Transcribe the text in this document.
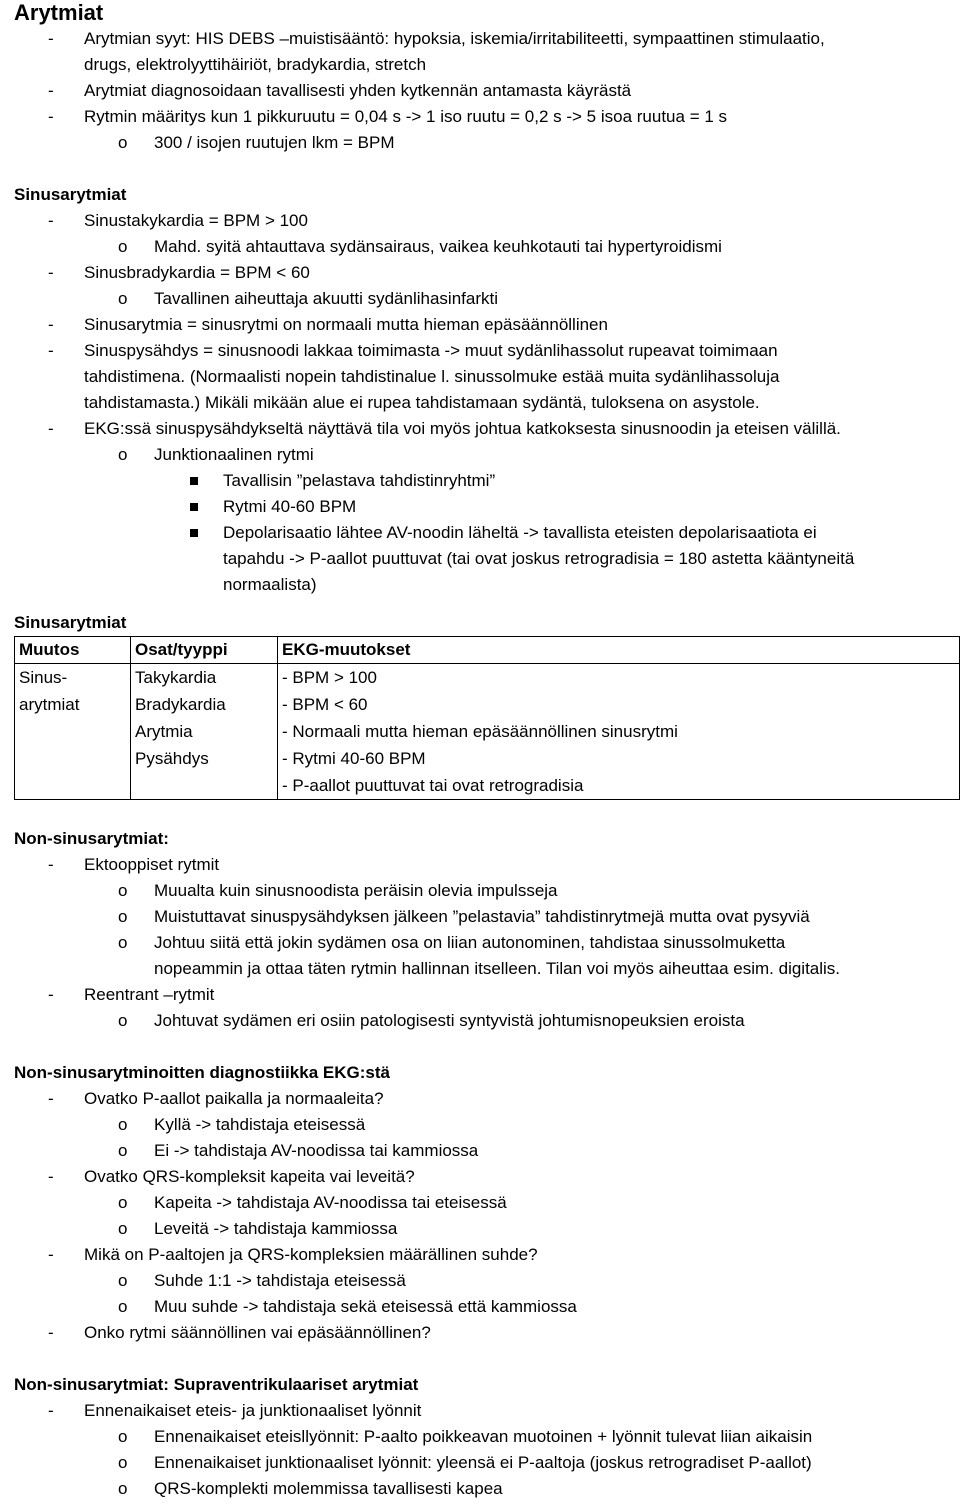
Arytmiat
- Arytmian syyt: HIS DEBS –muistisääntö: hypoksia, iskemia/irritabiliteetti, sympaattinen stimulaatio,
drugs, elektrolyyttihäiriöt, bradykardia, stretch
- Arytmiat diagnosoidaan tavallisesti yhden kytkennän antamasta käyrästä
- Rytmin määritys kun 1 pikkuruutu = 0,04 s -> 1 iso ruutu = 0,2 s -> 5 isoa ruutua = 1 s
o 300 / isojen ruutujen lkm = BPM
Sinusarytmiat
- Sinustakykardia = BPM > 100
o Mahd. syitä ahtauttava sydänsairaus, vaikea keuhkotauti tai hypertyroidismi
- Sinusbradykardia = BPM < 60
o Tavallinen aiheuttaja akuutti sydänlihasinfarkti
- Sinusarytmia = sinusrytmi on normaali mutta hieman epäsäännöllinen
- Sinuspysähdys = sinusnoodi lakkaa toimimasta -> muut sydänlihassolut rupeavat toimimaan
tahdistimena. (Normaalisti nopein tahdistinalue l. sinussolmuke estää muita sydänlihassoluja
tahdistamasta.) Mikäli mikään alue ei rupea tahdistamaan sydäntä, tuloksena on asystole.
- EKG:ssä sinuspysähdykseltä näyttävä tila voi myös johtua katkoksesta sinusnoodin ja eteisen välillä.
o Junktionaalinen rytmi
Tavallisin ”pelastava tahdistinryhtmi”
Rytmi 40-60 BPM
Depolarisaatio lähtee AV-noodin läheltä -> tavallista eteisten depolarisaatiota ei
tapahdu -> P-aallot puuttuvat (tai ovat joskus retrogradisia = 180 astetta kääntyneitä
normaalista)
Sinusarytmiat
Muutos	Osat/tyyppi	EKG-muutokset
Sinus-	Takykardia	- BPM > 100
arytmiat	Bradykardia	- BPM < 60
	Arytmia	- Normaali mutta hieman epäsäännöllinen sinusrytmi
	Pysähdys	- Rytmi 40-60 BPM
		- P-aallot puuttuvat tai ovat retrogradisia
Non-sinusarytmiat:
- Ektooppiset rytmit
o Muualta kuin sinusnoodista peräisin olevia impulsseja
o Muistuttavat sinuspysähdyksen jälkeen ”pelastavia” tahdistinrytmejä mutta ovat pysyviä
o Johtuu siitä että jokin sydämen osa on liian autonominen, tahdistaa sinussolmuketta
nopeammin ja ottaa täten rytmin hallinnan itselleen. Tilan voi myös aiheuttaa esim. digitalis.
- Reentrant –rytmit
o Johtuvat sydämen eri osiin patologisesti syntyvistä johtumisnopeuksien eroista
Non-sinusarytminoitten diagnostiikka EKG:stä
- Ovatko P-aallot paikalla ja normaaleita?
o Kyllä -> tahdistaja eteisessä
o Ei -> tahdistaja AV-noodissa tai kammiossa
- Ovatko QRS-kompleksit kapeita vai leveitä?
o Kapeita -> tahdistaja AV-noodissa tai eteisessä
o Leveitä -> tahdistaja kammiossa
- Mikä on P-aaltojen ja QRS-kompleksien määrällinen suhde?
o Suhde 1:1 -> tahdistaja eteisessä
o Muu suhde -> tahdistaja sekä eteisessä että kammiossa
- Onko rytmi säännöllinen vai epäsäännöllinen?
Non-sinusarytmiat: Supraventrikulaariset arytmiat
- Ennenaikaiset eteis- ja junktionaaliset lyönnit
o Ennenaikaiset eteisllyönnit: P-aalto poikkeavan muotoinen + lyönnit tulevat liian aikaisin
o Ennenaikaiset junktionaaliset lyönnit: yleensä ei P-aaltoja (joskus retrogradiset P-aallot)
o QRS-komplekti molemmissa tavallisesti kapea
